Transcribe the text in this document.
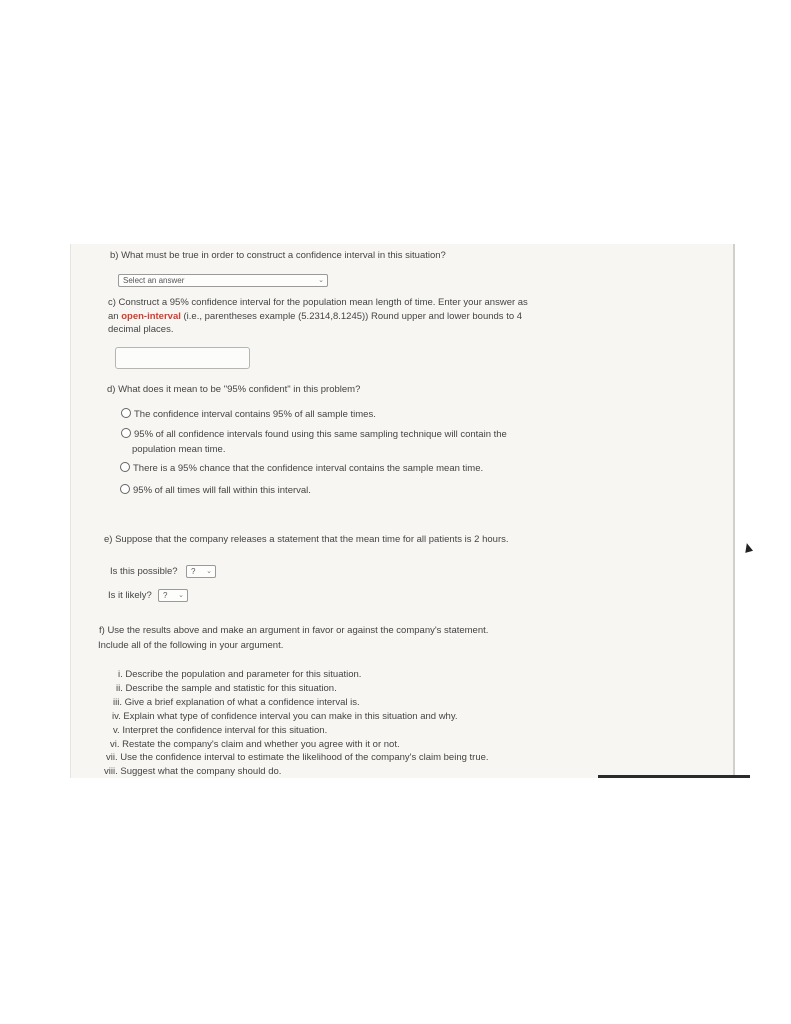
b) What must be true in order to construct a confidence interval in this situation?
Select an answer	⌄
c) Construct a 95% confidence interval for the population mean length of time. Enter your answer as
an open-interval (i.e., parentheses example (5.2314,8.1245)) Round upper and lower bounds to 4
decimal places.
d) What does it mean to be "95% confident" in this problem?
The confidence interval contains 95% of all sample times.
95% of all confidence intervals found using this same sampling technique will contain the
population mean time.
There is a 95% chance that the confidence interval contains the sample mean time.
95% of all times will fall within this interval.
e) Suppose that the company releases a statement that the mean time for all patients is 2 hours.
Is this possible?	? ⌄
Is it likely?	? ⌄
f) Use the results above and make an argument in favor or against the company's statement.
Include all of the following in your argument.
i. Describe the population and parameter for this situation.
ii. Describe the sample and statistic for this situation.
iii. Give a brief explanation of what a confidence interval is.
iv. Explain what type of confidence interval you can make in this situation and why.
v. Interpret the confidence interval for this situation.
vi. Restate the company's claim and whether you agree with it or not.
vii. Use the confidence interval to estimate the likelihood of the company's claim being true.
viii. Suggest what the company should do.
